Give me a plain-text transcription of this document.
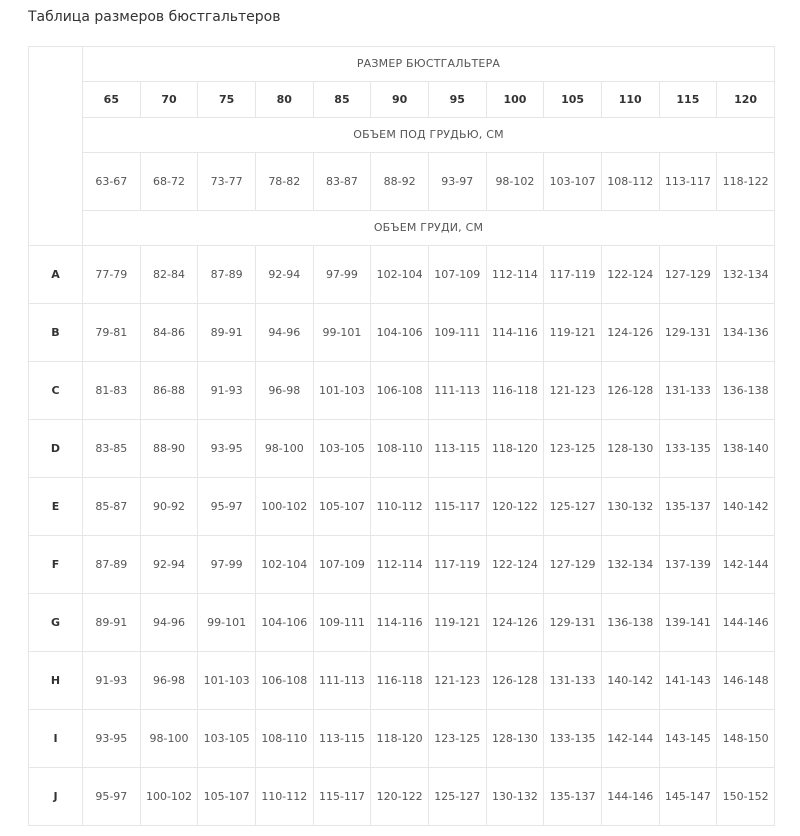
Таблица размеров бюстгальтеров
	РАЗМЕР БЮСТГАЛЬТЕРА											
	65	70	75	80	85	90	95	100	105	110	115	120
	ОБЪЕМ ПОД ГРУДЬЮ, СМ											

	63-67	68-72	73-77	78-82	83-87	88-92	93-97	98-102	103-107	108-112	113-117	118-122

	ОБЪЕМ ГРУДИ, СМ											
A	77-79	82-84	87-89	92-94	97-99	102-104	107-109	112-114	117-119	122-124	127-129	132-134

B	79-81	84-86	89-91	94-96	99-101	104-106	109-111	114-116	119-121	124-126	129-131	134-136

C	81-83	86-88	91-93	96-98	101-103	106-108	111-113	116-118	121-123	126-128	131-133	136-138

D	83-85	88-90	93-95	98-100	103-105	108-110	113-115	118-120	123-125	128-130	133-135	138-140

E	85-87	90-92	95-97	100-102	105-107	110-112	115-117	120-122	125-127	130-132	135-137	140-142

F	87-89	92-94	97-99	102-104	107-109	112-114	117-119	122-124	127-129	132-134	137-139	142-144

G	89-91	94-96	99-101	104-106	109-111	114-116	119-121	124-126	129-131	136-138	139-141	144-146

H	91-93	96-98	101-103	106-108	111-113	116-118	121-123	126-128	131-133	140-142	141-143	146-148

I	93-95	98-100	103-105	108-110	113-115	118-120	123-125	128-130	133-135	142-144	143-145	148-150

J	95-97	100-102	105-107	110-112	115-117	120-122	125-127	130-132	135-137	144-146	145-147	150-152
